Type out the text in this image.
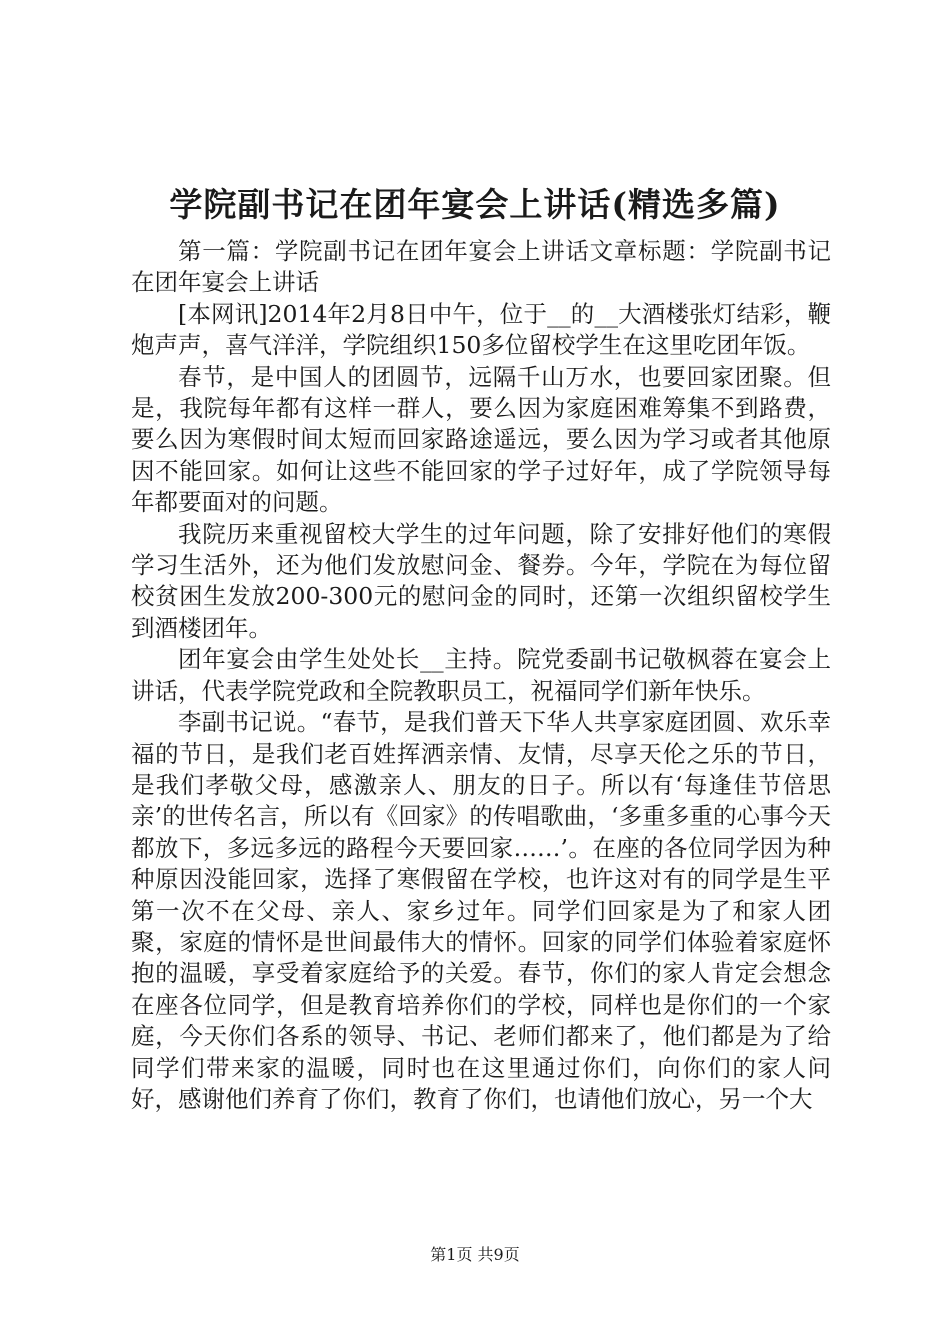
学院副书记在团年宴会上讲话(精选多篇)

第一篇：学院副书记在团年宴会上讲话文章标题：学院副书记在团年宴会上讲话

[本网讯]2014年2月8日中午，位于__的__大酒楼张灯结彩，鞭炮声声，喜气洋洋，学院组织150多位留校学生在这里吃团年饭。

春节，是中国人的团圆节，远隔千山万水，也要回家团聚。但是，我院每年都有这样一群人，要么因为家庭困难筹集不到路费，要么因为寒假时间太短而回家路途遥远，要么因为学习或者其他原因不能回家。如何让这些不能回家的学子过好年，成了学院领导每年都要面对的问题。

我院历来重视留校大学生的过年问题，除了安排好他们的寒假学习生活外，还为他们发放慰问金、餐券。今年，学院在为每位留校贫困生发放200-300元的慰问金的同时，还第一次组织留校学生到酒楼团年。

团年宴会由学生处处长__主持。院党委副书记敬枫蓉在宴会上讲话，代表学院党政和全院教职员工，祝福同学们新年快乐。

李副书记说。“春节，是我们普天下华人共享家庭团圆、欢乐幸福的节日，是我们老百姓挥洒亲情、友情，尽享天伦之乐的节日，是我们孝敬父母，感激亲人、朋友的日子。所以有‘每逢佳节倍思亲’的世传名言，所以有《回家》的传唱歌曲，‘多重多重的心事今天都放下，多远多远的路程今天要回家……’。在座的各位同学因为种种原因没能回家，选择了寒假留在学校，也许这对有的同学是生平第一次不在父母、亲人、家乡过年。同学们回家是为了和家人团聚，家庭的情怀是世间最伟大的情怀。回家的同学们体验着家庭怀抱的温暖，享受着家庭给予的关爱。春节，你们的家人肯定会想念在座各位同学，但是教育培养你们的学校，同样也是你们的一个家庭，今天你们各系的领导、书记、老师们都来了，他们都是为了给同学们带来家的温暖，同时也在这里通过你们，向你们的家人问好，感谢他们养育了你们，教育了你们，也请他们放心，另一个大

第1页 共9页
